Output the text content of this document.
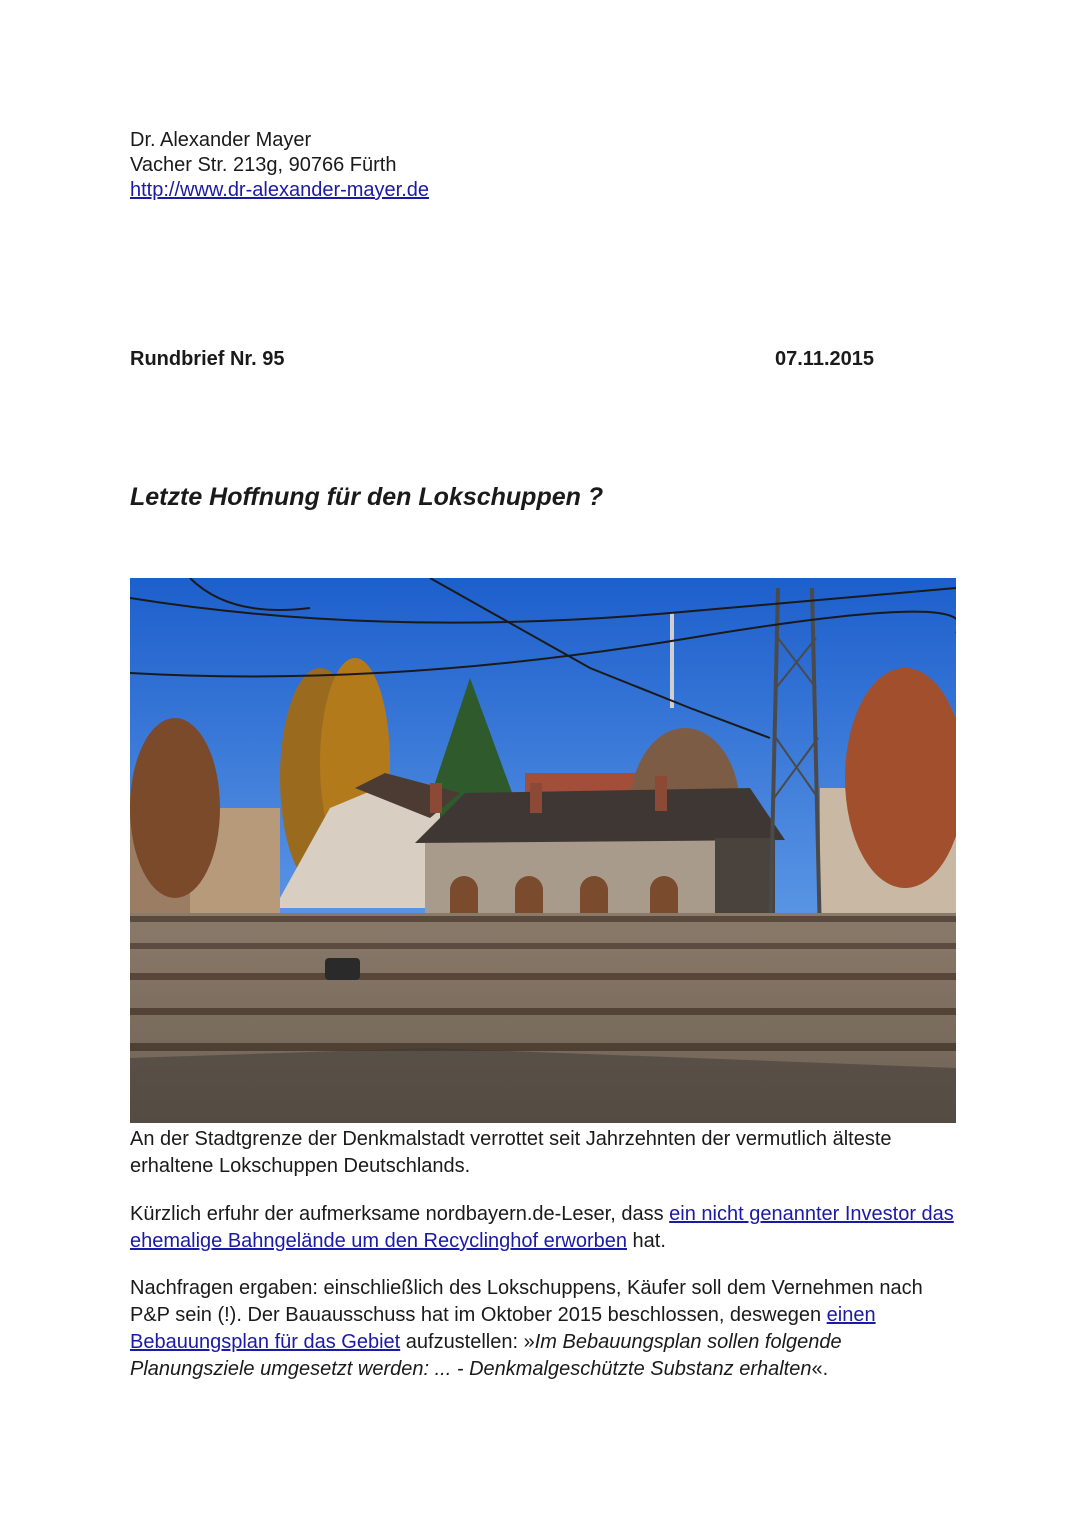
Dr. Alexander Mayer
Vacher Str. 213g, 90766 Fürth
http://www.dr-alexander-mayer.de
Rundbrief Nr. 95	07.11.2015
Letzte Hoffnung für den Lokschuppen ?
An der Stadtgrenze der Denkmalstadt verrottet seit Jahrzehnten der vermutlich älteste erhaltene Lokschuppen Deutschlands.
Kürzlich erfuhr der aufmerksame nordbayern.de-Leser, dass ein nicht genannter Investor das ehemalige Bahngelände um den Recyclinghof erworben hat.
Nachfragen ergaben: einschließlich des Lokschuppens, Käufer soll dem Vernehmen nach P&P sein (!). Der Bauausschuss hat im Oktober 2015 beschlossen, deswegen einen Bebauungsplan für das Gebiet aufzustellen: »Im Bebauungsplan sollen folgende Planungsziele umgesetzt werden: ... - Denkmalgeschützte Substanz erhalten«.
